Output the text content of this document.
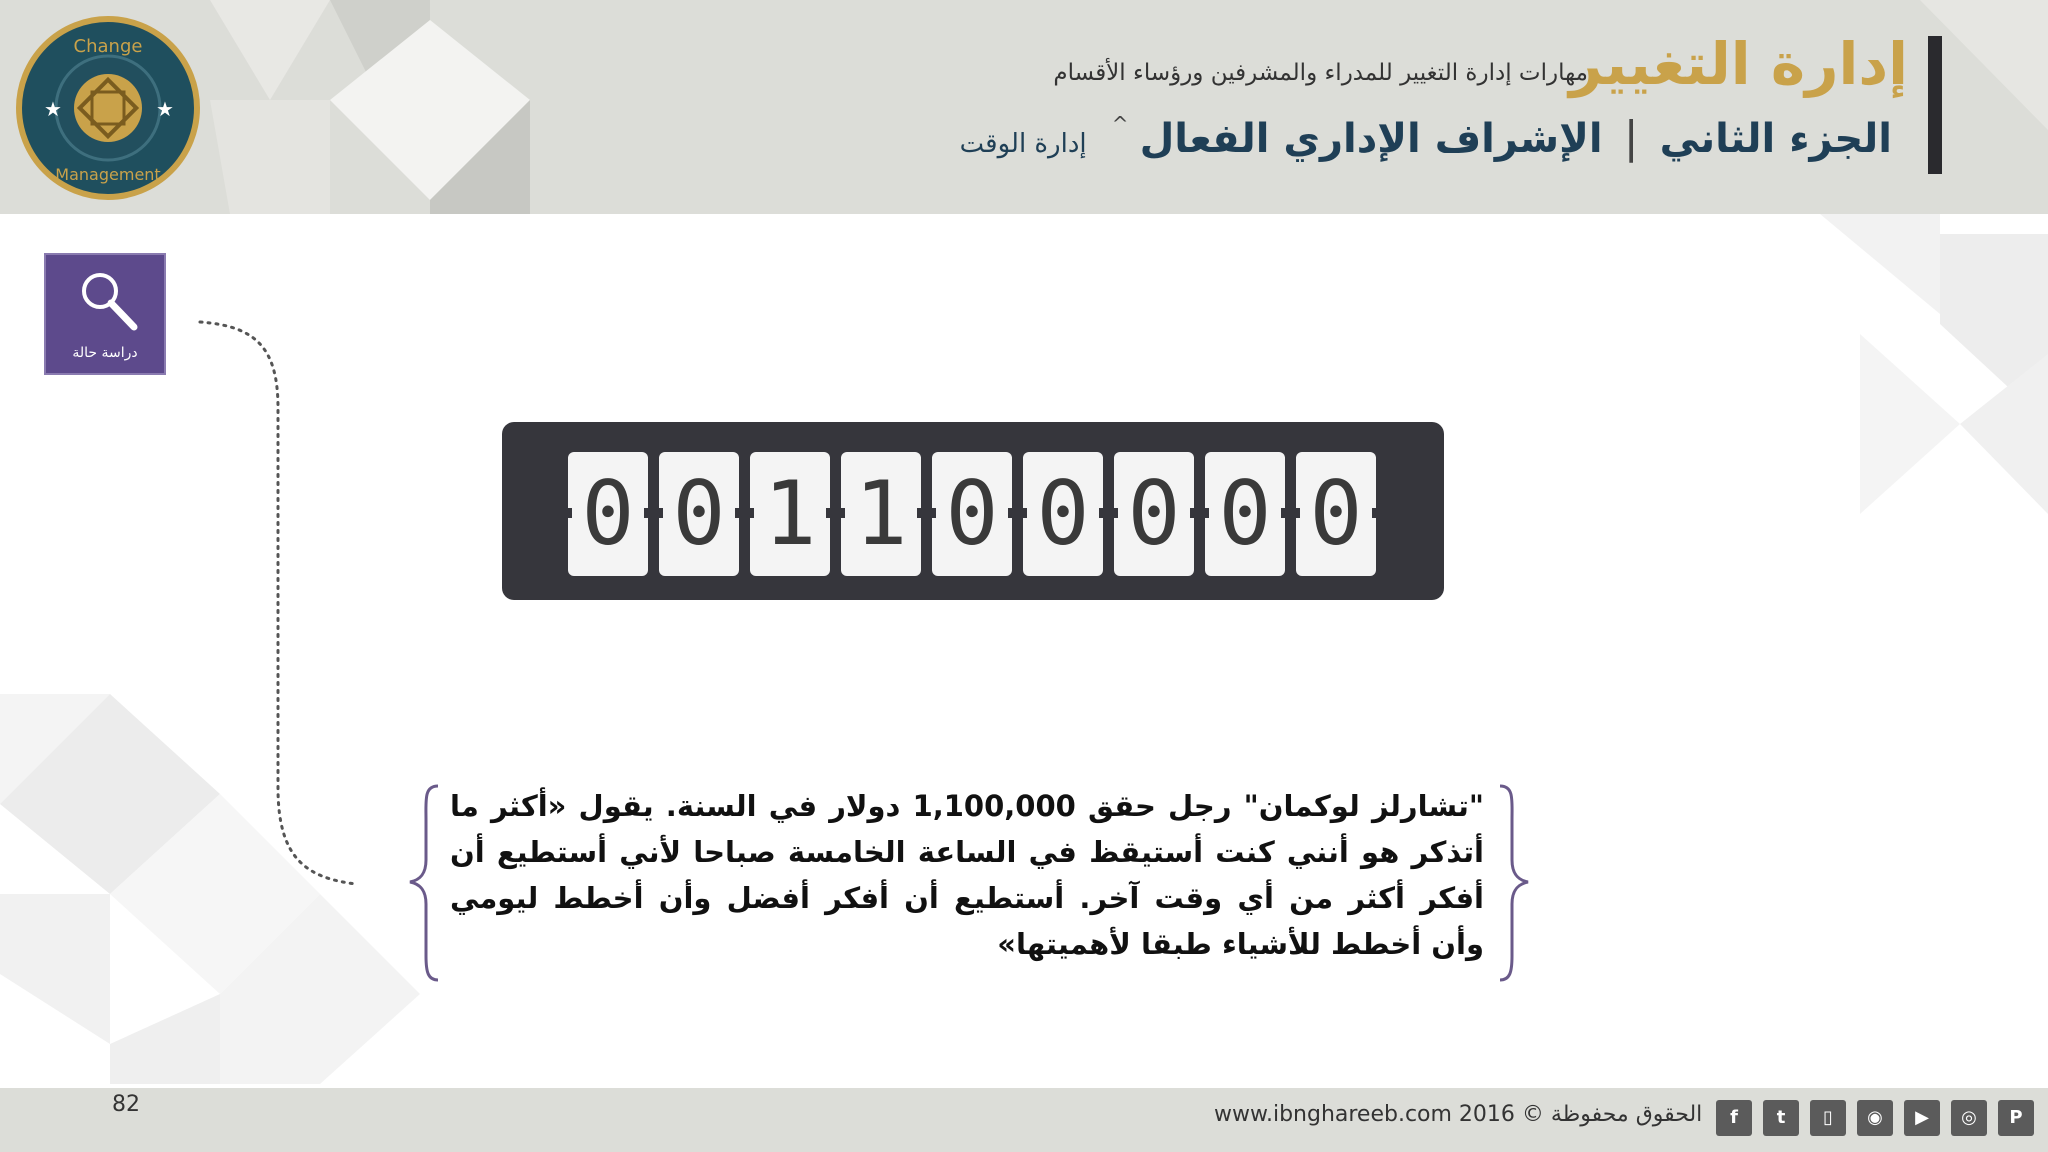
Change
Management
★	★
إدارة التغيير
مهارات إدارة التغيير للمدراء والمشرفين ورؤساء الأقسام
الجزء الثاني | الإشراف الإداري الفعال ^ إدارة الوقت
دراسة حالة
0 0 1 1 0 0 0 0 0
"تشارلز لوكمان" رجل حقق 1,100,000 دولار في السنة. يقول «أكثر ما أتذكر هو أنني كنت أستيقظ في الساعة الخامسة صباحا لأني أستطيع أن أفكر أكثر من أي وقت آخر. أستطيع أن أفكر أفضل وأن أخطط ليومي وأن أخطط للأشياء طبقا لأهميتها»
82	www.ibnghareeb.com 2016 © الحقوق محفوظة	f	t	▯	◉	▶	◎	P
